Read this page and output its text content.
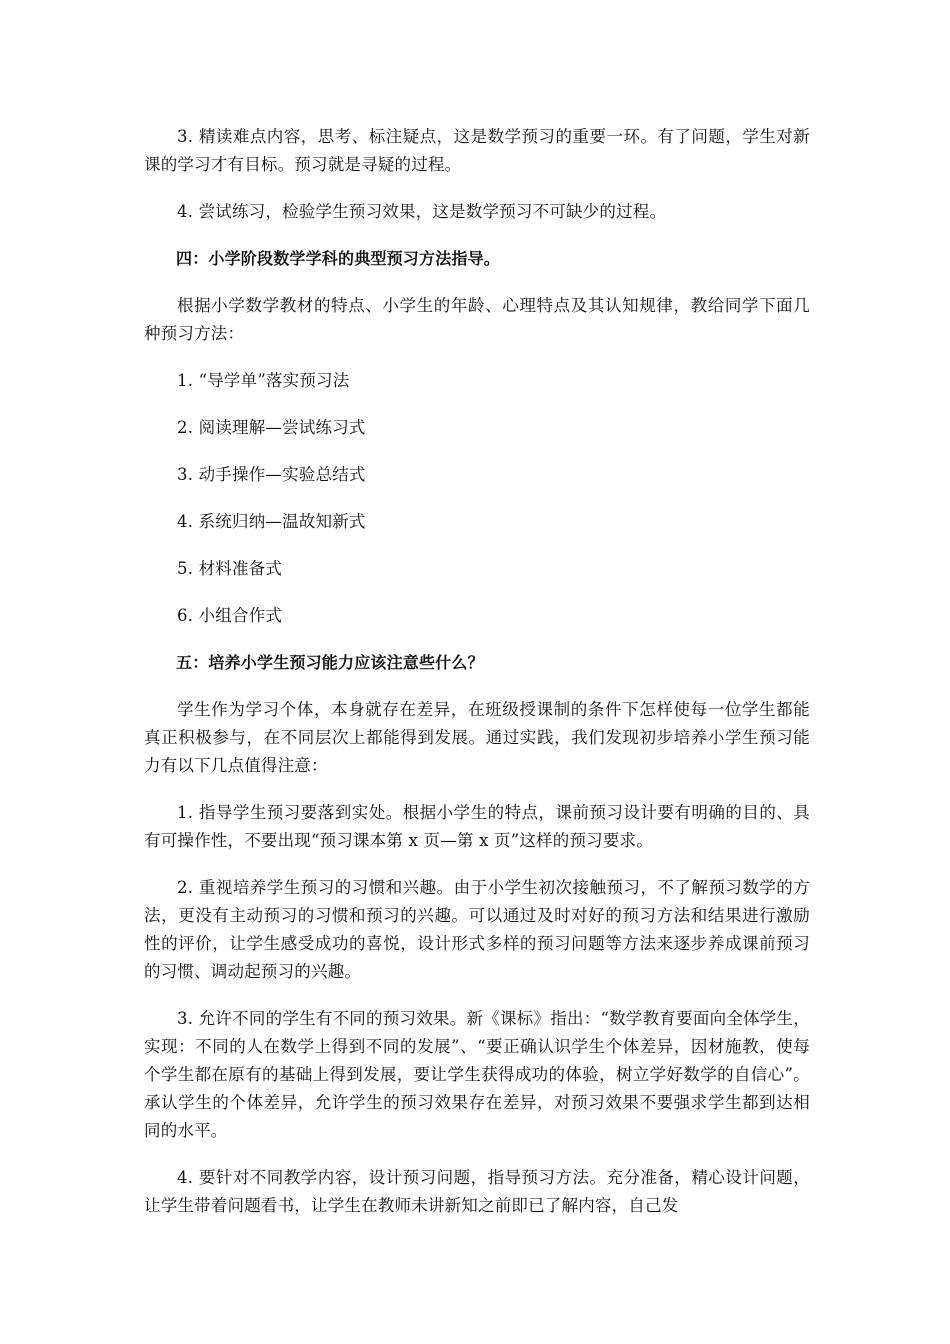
3. 精读难点内容，思考、标注疑点，这是数学预习的重要一环。有了问题，学生对新课的学习才有目标。预习就是寻疑的过程。

4. 尝试练习，检验学生预习效果，这是数学预习不可缺少的过程。

四：小学阶段数学学科的典型预习方法指导。

根据小学数学教材的特点、小学生的年龄、心理特点及其认知规律，教给同学下面几种预习方法：

1. “导学单”落实预习法

2. 阅读理解—尝试练习式

3. 动手操作—实验总结式

4. 系统归纳—温故知新式

5. 材料准备式

6. 小组合作式

五：培养小学生预习能力应该注意些什么？

学生作为学习个体，本身就存在差异，在班级授课制的条件下怎样使每一位学生都能真正积极参与，在不同层次上都能得到发展。通过实践，我们发现初步培养小学生预习能力有以下几点值得注意：

1. 指导学生预习要落到实处。根据小学生的特点，课前预习设计要有明确的目的、具有可操作性，不要出现“预习课本第 x 页—第 x 页”这样的预习要求。

2. 重视培养学生预习的习惯和兴趣。由于小学生初次接触预习，不了解预习数学的方法，更没有主动预习的习惯和预习的兴趣。可以通过及时对好的预习方法和结果进行激励性的评价，让学生感受成功的喜悦，设计形式多样的预习问题等方法来逐步养成课前预习的习惯、调动起预习的兴趣。

3. 允许不同的学生有不同的预习效果。新《课标》指出：“数学教育要面向全体学生，实现：不同的人在数学上得到不同的发展”、“要正确认识学生个体差异，因材施教，使每个学生都在原有的基础上得到发展，要让学生获得成功的体验，树立学好数学的自信心”。承认学生的个体差异，允许学生的预习效果存在差异，对预习效果不要强求学生都到达相同的水平。

4. 要针对不同教学内容，设计预习问题，指导预习方法。充分准备，精心设计问题，让学生带着问题看书，让学生在教师未讲新知之前即已了解内容，自己发
